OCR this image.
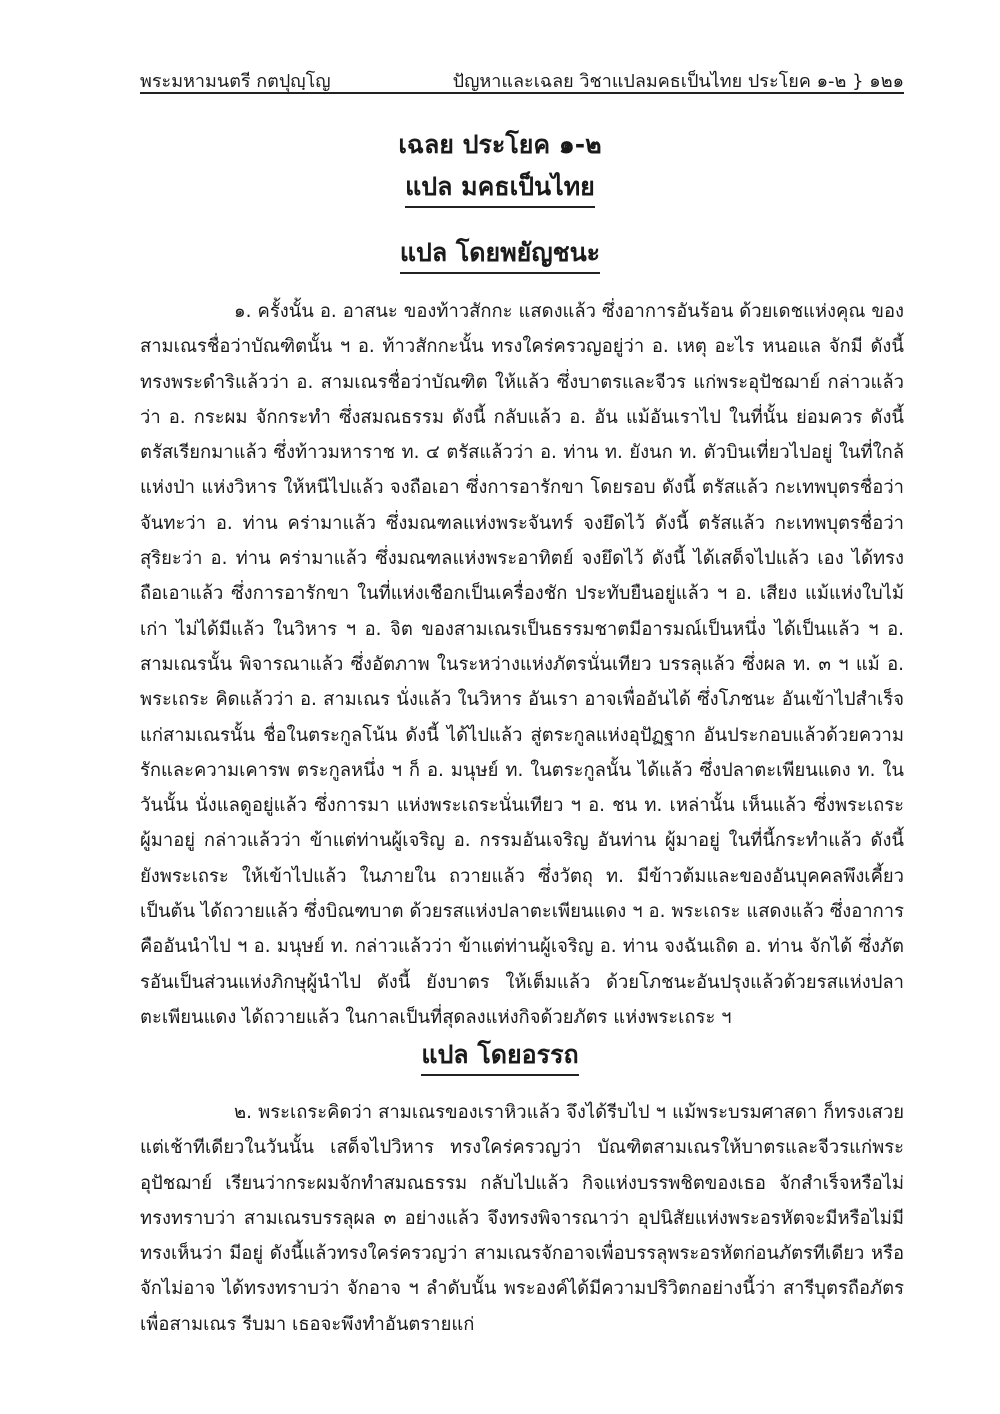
พระมหามนตรี กตปุญฺโญ	ปัญหาและเฉลย วิชาแปลมคธเป็นไทย ประโยค ๑-๒ } ๑๒๑
เฉลย ประโยค ๑-๒
แปล มคธเป็นไทย
แปล โดยพยัญชนะ

๑. ครั้งนั้น อ. อาสนะ ของท้าวสักกะ แสดงแล้ว ซึ่งอาการอันร้อน ด้วยเดชแห่งคุณ ของสามเณรชื่อว่าบัณฑิตนั้น ฯ อ. ท้าวสักกะนั้น ทรงใคร่ครวญอยู่ว่า อ. เหตุ อะไร หนอแล จักมี ดังนี้ ทรงพระดำริแล้วว่า อ. สามเณรชื่อว่าบัณฑิต ให้แล้ว ซึ่งบาตรและจีวร แก่พระอุปัชฌาย์ กล่าวแล้วว่า อ. กระผม จักกระทำ ซึ่งสมณธรรม ดังนี้ กลับแล้ว อ. อัน แม้อันเราไป ในที่นั้น ย่อมควร ดังนี้ ตรัสเรียกมาแล้ว ซึ่งท้าวมหาราช ท. ๔ ตรัสแล้วว่า อ. ท่าน ท. ยังนก ท. ตัวบินเที่ยวไปอยู่ ในที่ใกล้แห่งป่า แห่งวิหาร ให้หนีไปแล้ว จงถือเอา ซึ่งการอารักขา โดยรอบ ดังนี้ ตรัสแล้ว กะเทพบุตรชื่อว่าจันทะว่า อ. ท่าน คร่ามาแล้ว ซึ่งมณฑลแห่งพระจันทร์ จงยึดไว้ ดังนี้ ตรัสแล้ว กะเทพบุตรชื่อว่าสุริยะว่า อ. ท่าน คร่ามาแล้ว ซึ่งมณฑลแห่งพระอาทิตย์ จงยึดไว้ ดังนี้ ได้เสด็จไปแล้ว เอง ได้ทรงถือเอาแล้ว ซึ่งการอารักขา ในที่แห่งเชือกเป็นเครื่องชัก ประทับยืนอยู่แล้ว ฯ อ. เสียง แม้แห่งใบไม้เก่า ไม่ได้มีแล้ว ในวิหาร ฯ อ. จิต ของสามเณรเป็นธรรมชาตมีอารมณ์เป็นหนึ่ง ได้เป็นแล้ว ฯ อ. สามเณรนั้น พิจารณาแล้ว ซึ่งอัตภาพ ในระหว่างแห่งภัตรนั่นเทียว บรรลุแล้ว ซึ่งผล ท. ๓ ฯ แม้ อ. พระเถระ คิดแล้วว่า อ. สามเณร นั่งแล้ว ในวิหาร อันเรา อาจเพื่ออันได้ ซึ่งโภชนะ อันเข้าไปสำเร็จ แก่สามเณรนั้น ชื่อในตระกูลโน้น ดังนี้ ได้ไปแล้ว สู่ตระกูลแห่งอุปัฏฐาก อันประกอบแล้วด้วยความรักและความเคารพ ตระกูลหนึ่ง ฯ ก็ อ. มนุษย์ ท. ในตระกูลนั้น ได้แล้ว ซึ่งปลาตะเพียนแดง ท. ในวันนั้น นั่งแลดูอยู่แล้ว ซึ่งการมา แห่งพระเถระนั่นเทียว ฯ อ. ชน ท. เหล่านั้น เห็นแล้ว ซึ่งพระเถระ ผู้มาอยู่ กล่าวแล้วว่า ข้าแต่ท่านผู้เจริญ อ. กรรมอันเจริญ อันท่าน ผู้มาอยู่ ในที่นี้กระทำแล้ว ดังนี้ ยังพระเถระ ให้เข้าไปแล้ว ในภายใน ถวายแล้ว ซึ่งวัตถุ ท. มีข้าวต้มและของอันบุคคลพึงเคี้ยวเป็นต้น ได้ถวายแล้ว ซึ่งบิณฑบาต ด้วยรสแห่งปลาตะเพียนแดง ฯ อ. พระเถระ แสดงแล้ว ซึ่งอาการคืออันนำไป ฯ อ. มนุษย์ ท. กล่าวแล้วว่า ข้าแต่ท่านผู้เจริญ อ. ท่าน จงฉันเถิด อ. ท่าน จักได้ ซึ่งภัตรอันเป็นส่วนแห่งภิกษุผู้นำไป ดังนี้ ยังบาตร ให้เต็มแล้ว ด้วยโภชนะอันปรุงแล้วด้วยรสแห่งปลาตะเพียนแดง ได้ถวายแล้ว ในกาลเป็นที่สุดลงแห่งกิจด้วยภัตร แห่งพระเถระ ฯ

แปล โดยอรรถ

๒. พระเถระคิดว่า สามเณรของเราหิวแล้ว จึงได้รีบไป ฯ แม้พระบรมศาสดา ก็ทรงเสวยแต่เช้าทีเดียวในวันนั้น เสด็จไปวิหาร ทรงใคร่ครวญว่า บัณฑิตสามเณรให้บาตรและจีวรแก่พระอุปัชฌาย์ เรียนว่ากระผมจักทำสมณธรรม กลับไปแล้ว กิจแห่งบรรพชิตของเธอ จักสำเร็จหรือไม่ ทรงทราบว่า สามเณรบรรลุผล ๓ อย่างแล้ว จึงทรงพิจารณาว่า อุปนิสัยแห่งพระอรหัตจะมีหรือไม่มี ทรงเห็นว่า มีอยู่ ดังนี้แล้วทรงใคร่ครวญว่า สามเณรจักอาจเพื่อบรรลุพระอรหัตก่อนภัตรทีเดียว หรือจักไม่อาจ ได้ทรงทราบว่า จักอาจ ฯ ลำดับนั้น พระองค์ได้มีความปริวิตกอย่างนี้ว่า สารีบุตรถือภัตรเพื่อสามเณร รีบมา เธอจะพึงทำอันตรายแก่
